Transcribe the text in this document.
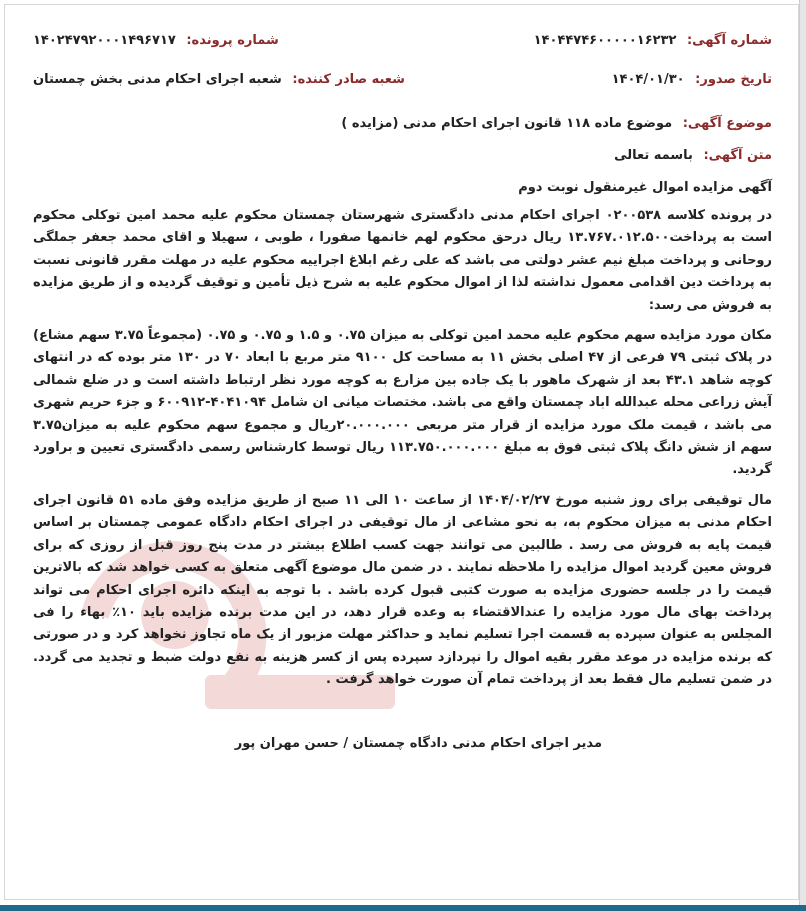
شماره آگهی: ۱۴۰۴۴۷۴۶۰۰۰۰۰۱۶۲۳۲
شماره پرونده: ۱۴۰۲۴۷۹۲۰۰۰۱۴۹۶۷۱۷
تاریخ صدور: ۱۴۰۴/۰۱/۳۰
شعبه صادر کننده: شعبه اجرای احکام مدنی بخش چمستان
موضوع آگهی: موضوع ماده ۱۱۸ قانون اجرای احکام مدنی (مزایده )
متن آگهی: باسمه تعالی
آگهی مزایده اموال غیرمنقول نوبت دوم

در پرونده کلاسه ۰۲۰۰۵۳۸ اجرای احکام مدنی دادگستری شهرستان چمستان محکوم علیه محمد امین توکلی محکوم است به پرداخت۱۳.۷۶۷.۰۱۲.۵۰۰ ریال درحق محکوم لهم خانمها صفورا ، طوبی ، سهیلا و اقای محمد جعفر جملگی روحانی و پرداخت مبلغ نیم عشر دولتی می باشد که علی رغم ابلاغ اجراییه محکوم علیه در مهلت مقرر قانونی نسبت به پرداخت دین اقدامی معمول نداشته لذا از اموال محکوم علیه به شرح ذیل تأمین و توقیف گردیده و از طریق مزایده به فروش می رسد:

مکان مورد مزایده سهم محکوم علیه محمد امین توکلی به میزان ۰.۷۵ و ۱.۵ و ۰.۷۵ و ۰.۷۵ (مجموعاً ۳.۷۵ سهم مشاع) در پلاک ثبتی ۷۹ فرعی از ۴۷ اصلی بخش ۱۱ به مساحت کل ۹۱۰۰ متر مربع با ابعاد ۷۰ در ۱۳۰ متر بوده که در انتهای کوچه شاهد ۴۳.۱ بعد از شهرک ماهور با یک جاده بین مزارع به کوچه مورد نظر ارتباط داشته است و در ضلع شمالی آیش زراعی محله عبدالله اباد چمستان واقع می باشد. مختصات میانی ان شامل ۴۰۴۱۰۹۴-۶۰۰۹۱۲ و جزء حریم شهری می باشد ، قیمت ملک مورد مزایده از قرار متر مربعی ۲۰.۰۰۰.۰۰۰ریال و مجموع سهم محکوم علیه به میزان۳.۷۵ سهم از شش دانگ پلاک ثبتی فوق به مبلغ ۱۱۳.۷۵۰.۰۰۰.۰۰۰ ریال توسط کارشناس رسمی دادگستری تعیین و براورد گردید.

مال توقیفی برای روز شنبه مورخ ۱۴۰۴/۰۲/۲۷ از ساعت ۱۰ الی ۱۱ صبح از طریق مزایده وفق ماده ۵۱ قانون اجرای احکام مدنی به میزان محکوم به، به نحو مشاعی از مال توقیفی در اجرای احکام دادگاه عمومی چمستان بر اساس قیمت پایه به فروش می رسد . طالبین می توانند جهت کسب اطلاع بیشتر در مدت پنج روز قبل از روزی که برای فروش معین گردید اموال مزایده را ملاحظه نمایند . در ضمن مال موضوع آگهی متعلق به کسی خواهد شد که بالاترین قیمت را در جلسه حضوری مزایده به صورت کتبی قبول کرده باشد . با توجه به اینکه دائره اجرای احکام می تواند پرداخت بهای مال مورد مزایده را عندالاقتضاء به وعده قرار دهد، در این مدت برنده مزایده باید ۱۰٪ بهاء را فی المجلس به عنوان سپرده به قسمت اجرا تسلیم نماید و حداکثر مهلت مزبور از یک ماه تجاوز نخواهد کرد و در صورتی که برنده مزایده در موعد مقرر بقیه اموال را نپردازد سپرده پس از کسر هزینه به نفع دولت ضبط و تجدید می گردد. در ضمن تسلیم مال فقط بعد از پرداخت تمام آن صورت خواهد گرفت .

مدیر اجرای احکام مدنی دادگاه چمستان / حسن مهران پور
